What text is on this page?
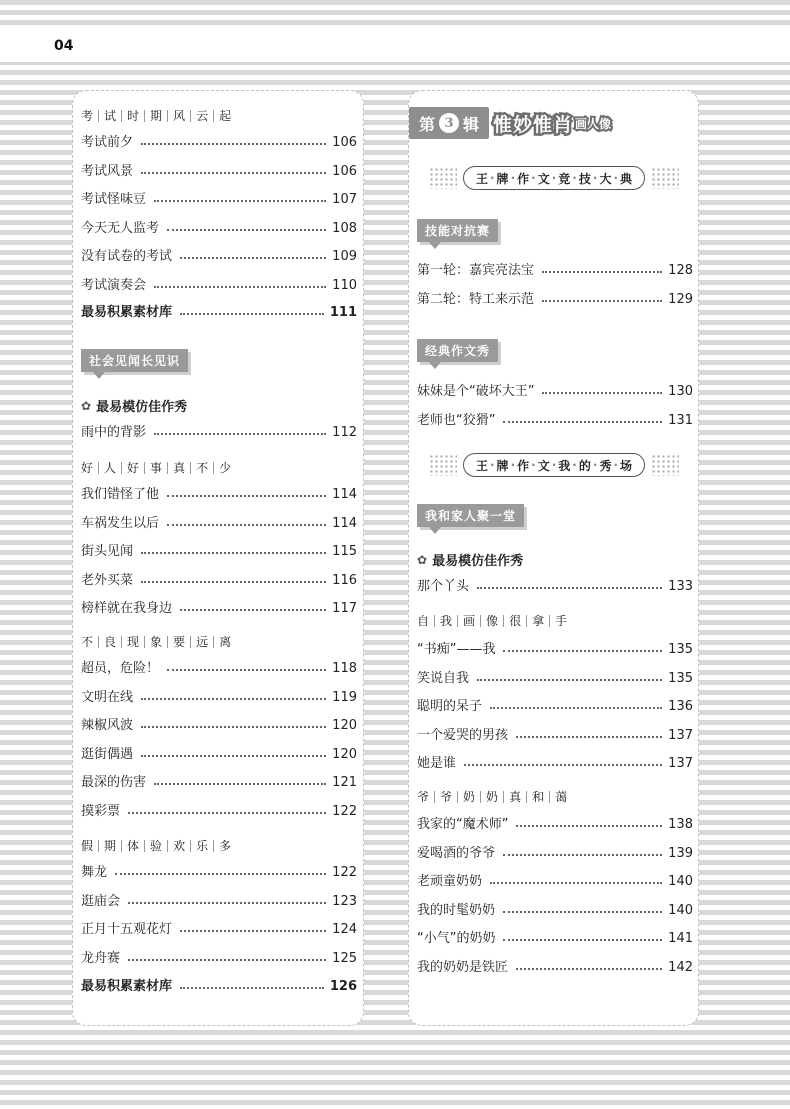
04
考 试 时 期 风 云 起
考试前夕	106
考试风景	106
考试怪味豆	107
今天无人监考	108
没有试卷的考试	109
考试演奏会	110
最易积累素材库	111
社会见闻长见识
✿ 最易模仿佳作秀
雨中的背影	112
好 人 好 事 真 不 少
我们错怪了他	114
车祸发生以后	114
街头见闻	115
老外买菜	116
榜样就在我身边	117
不 良 现 象 要 远 离
超员，危险！	118
文明在线	119
辣椒风波	120
逛街偶遇	120
最深的伤害	121
摸彩票	122
假 期 体 验 欢 乐 多
舞龙	122
逛庙会	123
正月十五观花灯	124
龙舟赛	125
最易积累素材库	126
第 3 辑 惟妙惟肖 画人像
王 · 牌 · 作 · 文 · 竞 · 技 · 大 · 典
技能对抗赛
第一轮：嘉宾亮法宝	128
第二轮：特工来示范	129
经典作文秀
妹妹是个“破坏大王”	130
老师也“狡猾”	131
王 · 牌 · 作 · 文 · 我 · 的 · 秀 · 场
我和家人聚一堂
✿ 最易模仿佳作秀
那个丫头	133
自 我 画 像 很 拿 手
“书痴”——我	135
笑说自我	135
聪明的呆子	136
一个爱哭的男孩	137
她是谁	137
爷 爷 奶 奶 真 和 蔼
我家的“魔术师”	138
爱喝酒的爷爷	139
老顽童奶奶	140
我的时髦奶奶	140
“小气”的奶奶	141
我的奶奶是铁匠	142
